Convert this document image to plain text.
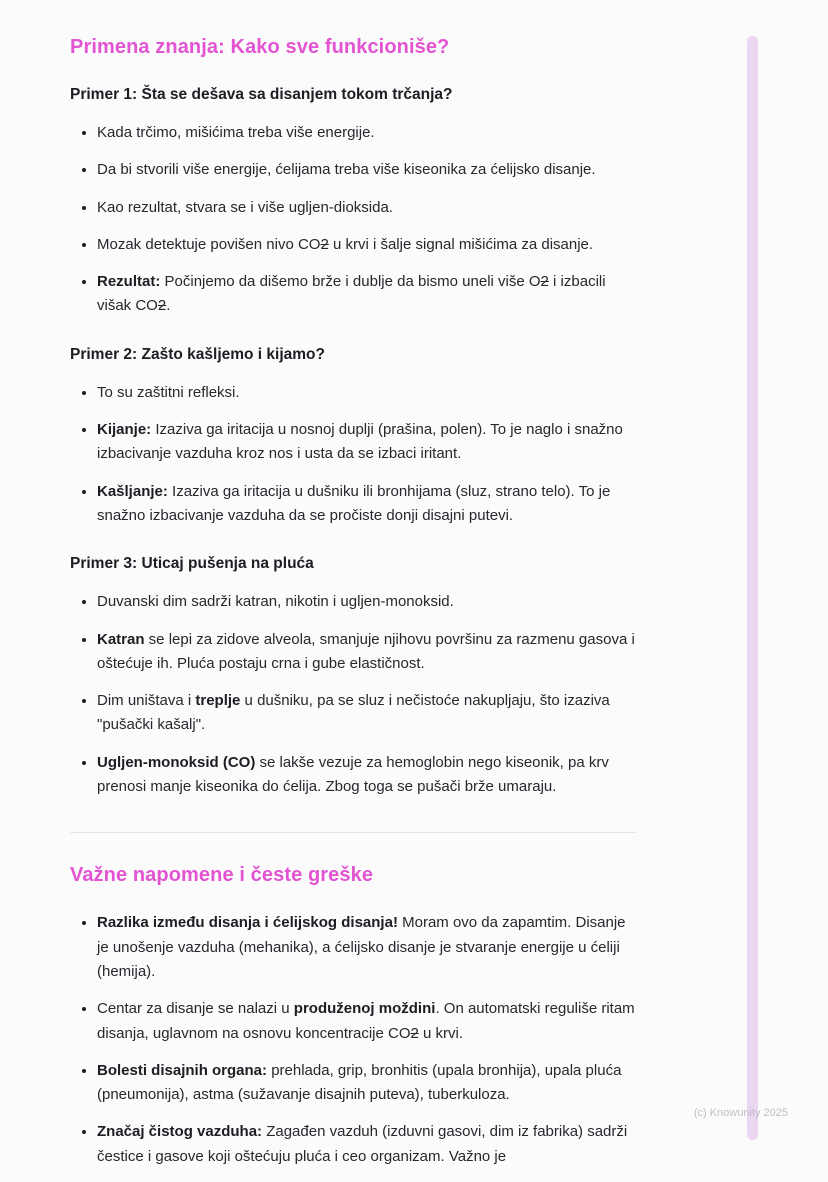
Primena znanja: Kako sve funkcioniše?
Primer 1: Šta se dešava sa disanjem tokom trčanja?
• Kada trčimo, mišićima treba više energije.
• Da bi stvorili više energije, ćelijama treba više kiseonika za ćelijsko disanje.
• Kao rezultat, stvara se i više ugljen-dioksida.
• Mozak detektuje povišen nivo CO2 u krvi i šalje signal mišićima za disanje.
• Rezultat: Počinjemo da dišemo brže i dublje da bismo uneli više O2 i izbacili višak CO2.
Primer 2: Zašto kašljemo i kijamo?
• To su zaštitni refleksi.
• Kijanje: Izaziva ga iritacija u nosnoj duplji (prašina, polen). To je naglo i snažno izbacivanje vazduha kroz nos i usta da se izbaci iritant.
• Kašljanje: Izaziva ga iritacija u dušniku ili bronhijama (sluz, strano telo). To je snažno izbacivanje vazduha da se pročiste donji disajni putevi.
Primer 3: Uticaj pušenja na pluća
• Duvanski dim sadrži katran, nikotin i ugljen-monoksid.
• Katran se lepi za zidove alveola, smanjuje njihovu površinu za razmenu gasova i oštećuje ih. Pluća postaju crna i gube elastičnost.
• Dim uništava i treplje u dušniku, pa se sluz i nečistoće nakupljaju, što izaziva "pušački kašalj".
• Ugljen-monoksid (CO) se lakše vezuje za hemoglobin nego kiseonik, pa krv prenosi manje kiseonika do ćelija. Zbog toga se pušači brže umaraju.
Važne napomene i česte greške
• Razlika između disanja i ćelijskog disanja! Moram ovo da zapamtim. Disanje je unošenje vazduha (mehanika), a ćelijsko disanje je stvaranje energije u ćeliji (hemija).
• Centar za disanje se nalazi u produženoj moždini. On automatski reguliše ritam disanja, uglavnom na osnovu koncentracije CO2 u krvi.
• Bolesti disajnih organa: prehlada, grip, bronhitis (upala bronhija), upala pluća (pneumonija), astma (sužavanje disajnih puteva), tuberkuloza.
• Značaj čistog vazduha: Zagađen vazduh (izduvni gasovi, dim iz fabrika) sadrži čestice i gasove koji oštećuju pluća i ceo organizam. Važno je
(c) Knowunity 2025
